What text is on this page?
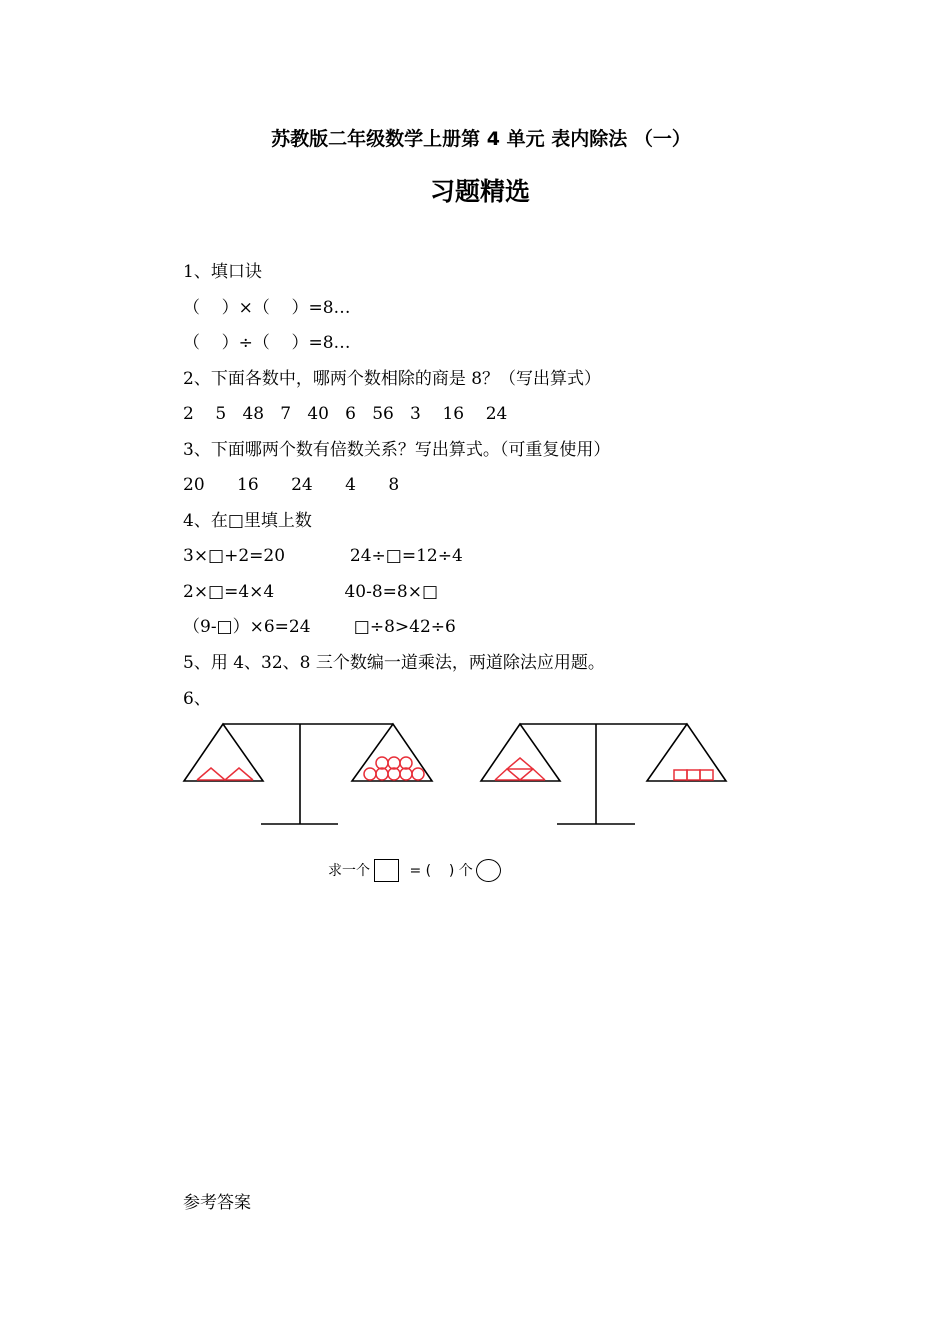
苏教版二年级数学上册第 4 单元 表内除法 （一）
习题精选
1、填口诀
（    ）×（    ）=8…
（    ）÷（    ）=8…
2、下面各数中，哪两个数相除的商是 8？（写出算式）
2    5   48   7   40   6   56   3    16    24
3、下面哪两个数有倍数关系？写出算式。（可重复使用）
20      16      24      4      8
4、在□里填上数
3×□+2=20            24÷□=12÷4
2×□=4×4             40-8=8×□
（9-□）×6=24        □÷8>42÷6
5、用 4、32、8 三个数编一道乘法，两道除法应用题。
6、
求一个	= (    ) 个
参考答案
